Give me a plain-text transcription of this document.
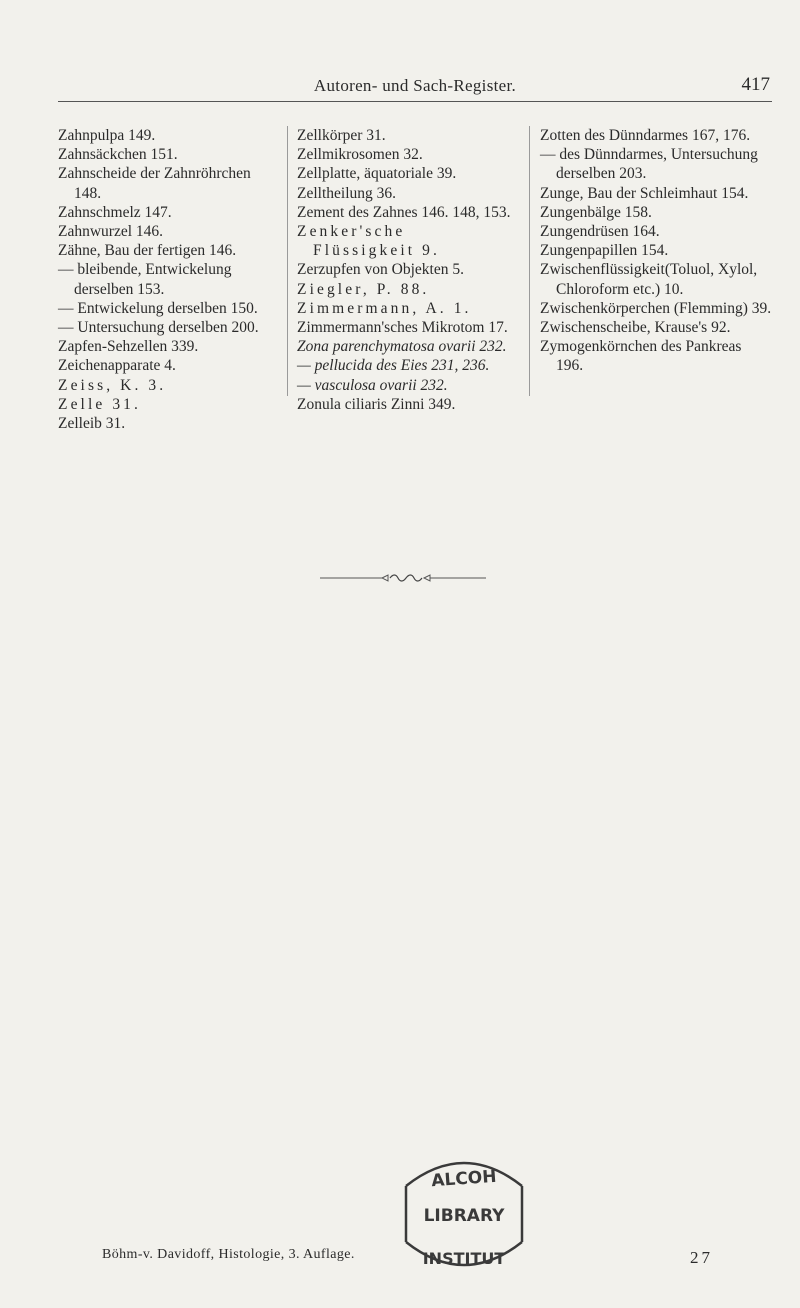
Autoren- und Sach-Register.	417
Zahnpulpa 149.
Zahnsäckchen 151.
Zahnscheide der Zahnröhrchen 148.
Zahnschmelz 147.
Zahnwurzel 146.
Zähne, Bau der fertigen 146.
— bleibende, Entwickelung derselben 153.
— Entwickelung derselben 150.
— Untersuchung derselben 200.
Zapfen-Sehzellen 339.
Zeichenapparate 4.
Zeiss, K. 3.
Zelle 31.
Zelleib 31.
Zellkörper 31.
Zellmikrosomen 32.
Zellplatte, äquatoriale 39.
Zelltheilung 36.
Zement des Zahnes 146. 148, 153.
Zenker'sche Flüssigkeit 9.
Zerzupfen von Objekten 5.
Ziegler, P. 88.
Zimmermann, A. 1.
Zimmermann'sches Mikrotom 17.
Zona parenchymatosa ovarii 232.
— pellucida des Eies 231, 236.
— vasculosa ovarii 232.
Zonula ciliaris Zinni 349.
Zotten des Dünndarmes 167, 176.
— des Dünndarmes, Untersuchung derselben 203.
Zunge, Bau der Schleimhaut 154.
Zungenbälge 158.
Zungendrüsen 164.
Zungenpapillen 154.
Zwischenflüssigkeit(Toluol, Xylol, Chloroform etc.) 10.
Zwischenkörperchen (Flemming) 39.
Zwischenscheibe, Krause's 92.
Zymogenkörnchen des Pankreas 196.
ALCOH
LIBRARY
INSTITUT
Böhm-v. Davidoff, Histologie, 3. Auflage.	27
